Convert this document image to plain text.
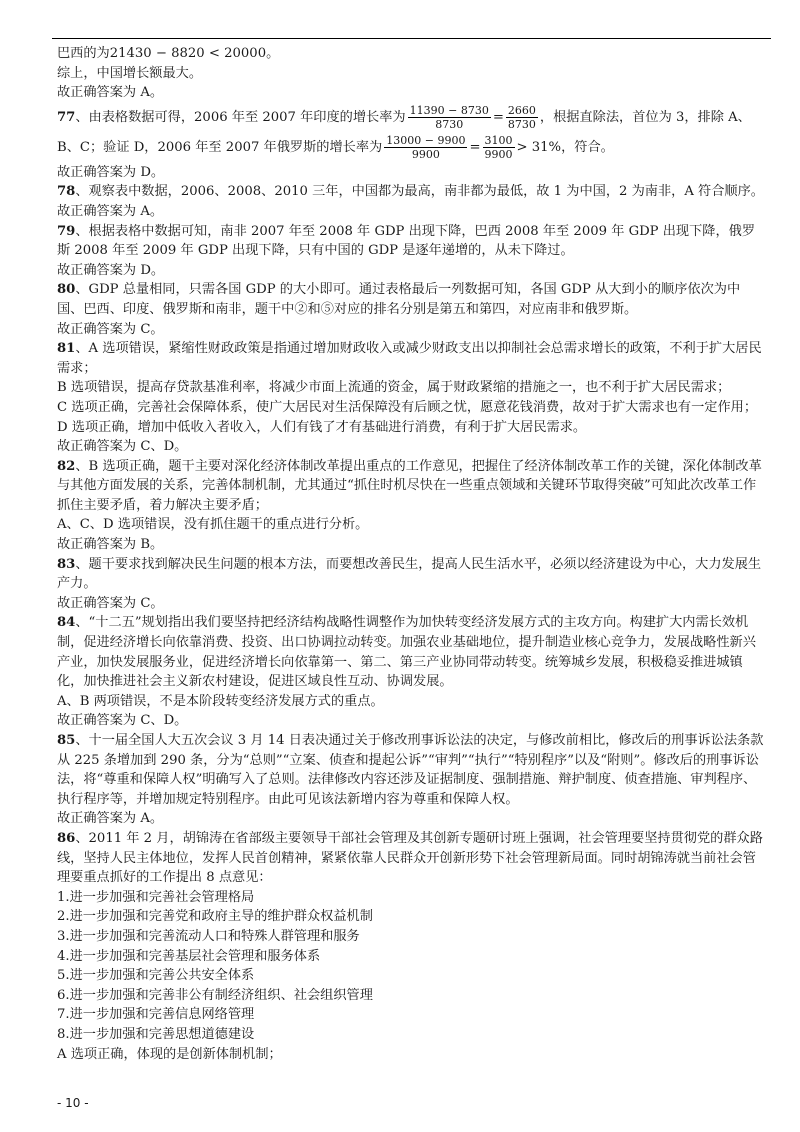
巴西的为21430 − 8820 < 20000。

综上，中国增长额最大。

故正确答案为 A。

77、由表格数据可得，2006 年至 2007 年印度的增长率为 $\frac{11390 - 8730}{8730} = \frac{2660}{8730}$ ，根据直除法，首位为 3，排除 A、

B、C；验证 D，2006 年至 2007 年俄罗斯的增长率为 $\frac{13000 - 9900}{9900} = \frac{3100}{9900} > 31\%$，符合。

故正确答案为 D。

78、观察表中数据，2006、2008、2010 三年，中国都为最高，南非都为最低，故 1 为中国，2 为南非，A 符合顺序。

故正确答案为 A。

79、根据表格中数据可知，南非 2007 年至 2008 年 GDP 出现下降，巴西 2008 年至 2009 年 GDP 出现下降，俄罗斯 2008 年至 2009 年 GDP 出现下降，只有中国的 GDP 是逐年递增的，从未下降过。

故正确答案为 D。

80、GDP 总量相同，只需各国 GDP 的大小即可。通过表格最后一列数据可知，各国 GDP 从大到小的顺序依次为中国、巴西、印度、俄罗斯和南非，题干中②和⑤对应的排名分别是第五和第四，对应南非和俄罗斯。

故正确答案为 C。

81、A 选项错误，紧缩性财政政策是指通过增加财政收入或减少财政支出以抑制社会总需求增长的政策，不利于扩大居民需求；

B 选项错误，提高存贷款基准利率，将减少市面上流通的资金，属于财政紧缩的措施之一，也不利于扩大居民需求；

C 选项正确，完善社会保障体系，使广大居民对生活保障没有后顾之忧，愿意花钱消费，故对于扩大需求也有一定作用；

D 选项正确，增加中低收入者收入，人们有钱了才有基础进行消费，有利于扩大居民需求。

故正确答案为 C、D。

82、B 选项正确，题干主要对深化经济体制改革提出重点的工作意见，把握住了经济体制改革工作的关键，深化体制改革与其他方面发展的关系，完善体制机制，尤其通过“抓住时机尽快在一些重点领域和关键环节取得突破”可知此次改革工作抓住主要矛盾，着力解决主要矛盾；

A、C、D 选项错误，没有抓住题干的重点进行分析。

故正确答案为 B。

83、题干要求找到解决民生问题的根本方法，而要想改善民生，提高人民生活水平，必须以经济建设为中心，大力发展生产力。

故正确答案为 C。

84、“十二五”规划指出我们要坚持把经济结构战略性调整作为加快转变经济发展方式的主攻方向。构建扩大内需长效机制，促进经济增长向依靠消费、投资、出口协调拉动转变。加强农业基础地位，提升制造业核心竞争力，发展战略性新兴产业，加快发展服务业，促进经济增长向依靠第一、第二、第三产业协同带动转变。统筹城乡发展，积极稳妥推进城镇化，加快推进社会主义新农村建设，促进区域良性互动、协调发展。

A、B 两项错误，不是本阶段转变经济发展方式的重点。

故正确答案为 C、D。

85、十一届全国人大五次会议 3 月 14 日表决通过关于修改刑事诉讼法的决定，与修改前相比，修改后的刑事诉讼法条款从 225 条增加到 290 条，分为“总则”“立案、侦查和提起公诉”“审判”“执行”“特别程序”以及“附则”。修改后的刑事诉讼法，将“尊重和保障人权”明确写入了总则。法律修改内容还涉及证据制度、强制措施、辩护制度、侦查措施、审判程序、执行程序等，并增加规定特别程序。由此可见该法新增内容为尊重和保障人权。

故正确答案为 A。

86、2011 年 2 月，胡锦涛在省部级主要领导干部社会管理及其创新专题研讨班上强调，社会管理要坚持贯彻党的群众路线，坚持人民主体地位，发挥人民首创精神，紧紧依靠人民群众开创新形势下社会管理新局面。同时胡锦涛就当前社会管理要重点抓好的工作提出 8 点意见：

1.进一步加强和完善社会管理格局

2.进一步加强和完善党和政府主导的维护群众权益机制

3.进一步加强和完善流动人口和特殊人群管理和服务

4.进一步加强和完善基层社会管理和服务体系

5.进一步加强和完善公共安全体系

6.进一步加强和完善非公有制经济组织、社会组织管理

7.进一步加强和完善信息网络管理

8.进一步加强和完善思想道德建设

A 选项正确，体现的是创新体制机制；

- 10 -
